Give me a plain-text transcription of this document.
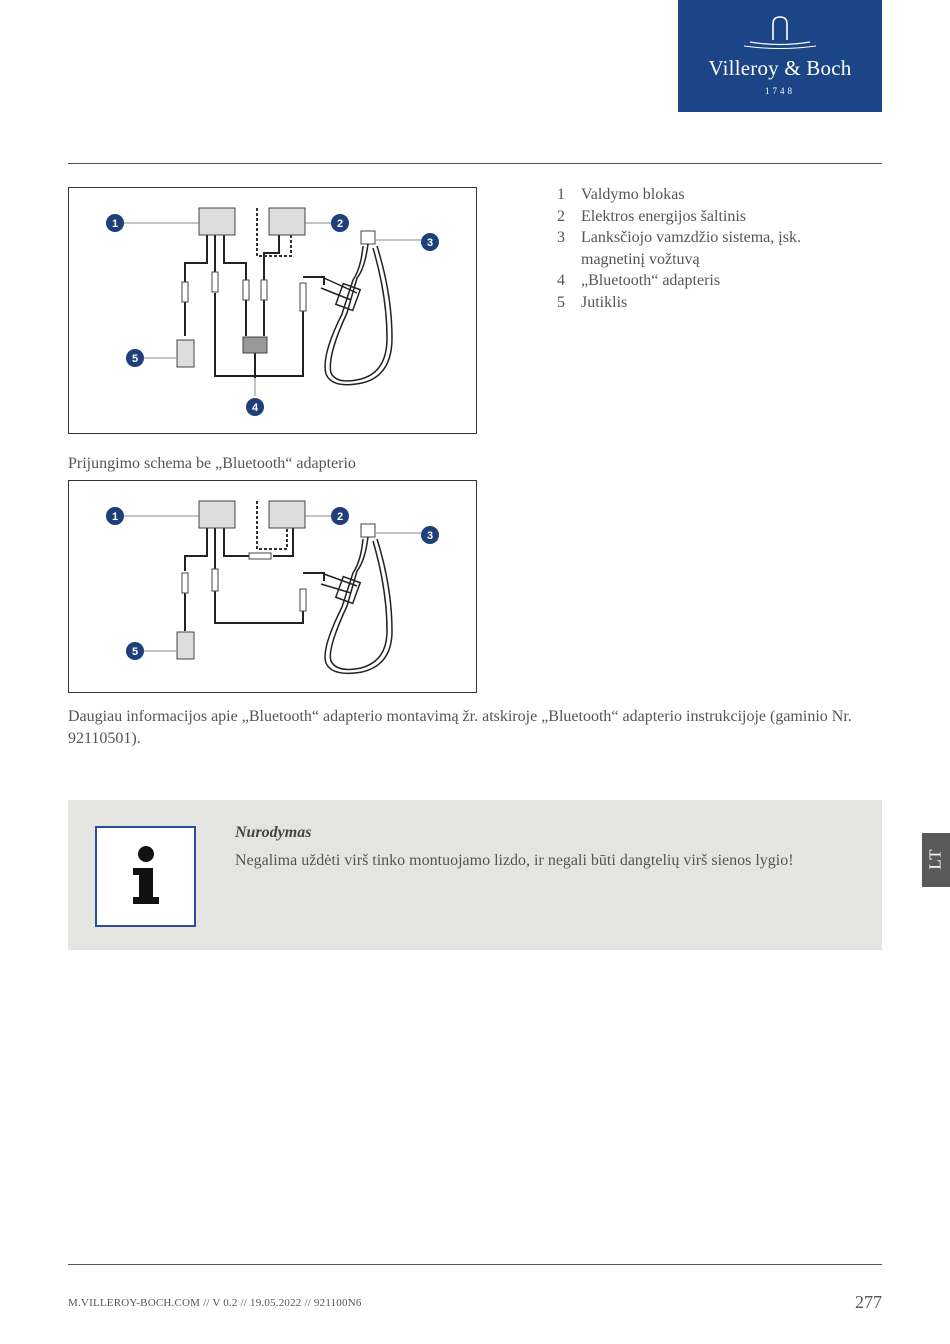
Villeroy & Boch
1748
1	2
3
4
5
1	Valdymo blokas
2	Elektros energijos šaltinis
3	Lanksčiojo vamzdžio sistema, įsk. magnetinį vožtuvą
4	„Bluetooth“ adapteris
5	Jutiklis
Prijungimo schema be „Bluetooth“ adapterio
1	2
3
5
Daugiau informacijos apie „Bluetooth“ adapterio montavimą žr. atskiroje „Bluetooth“ adapterio instrukcijoje (gaminio Nr. 92110501).
Nurodymas
Negalima uždėti virš tinko montuojamo lizdo, ir negali būti dangtelių virš sienos lygio!	LT
M.VILLEROY-BOCH.COM // V 0.2 // 19.05.2022 // 921100N6	277
